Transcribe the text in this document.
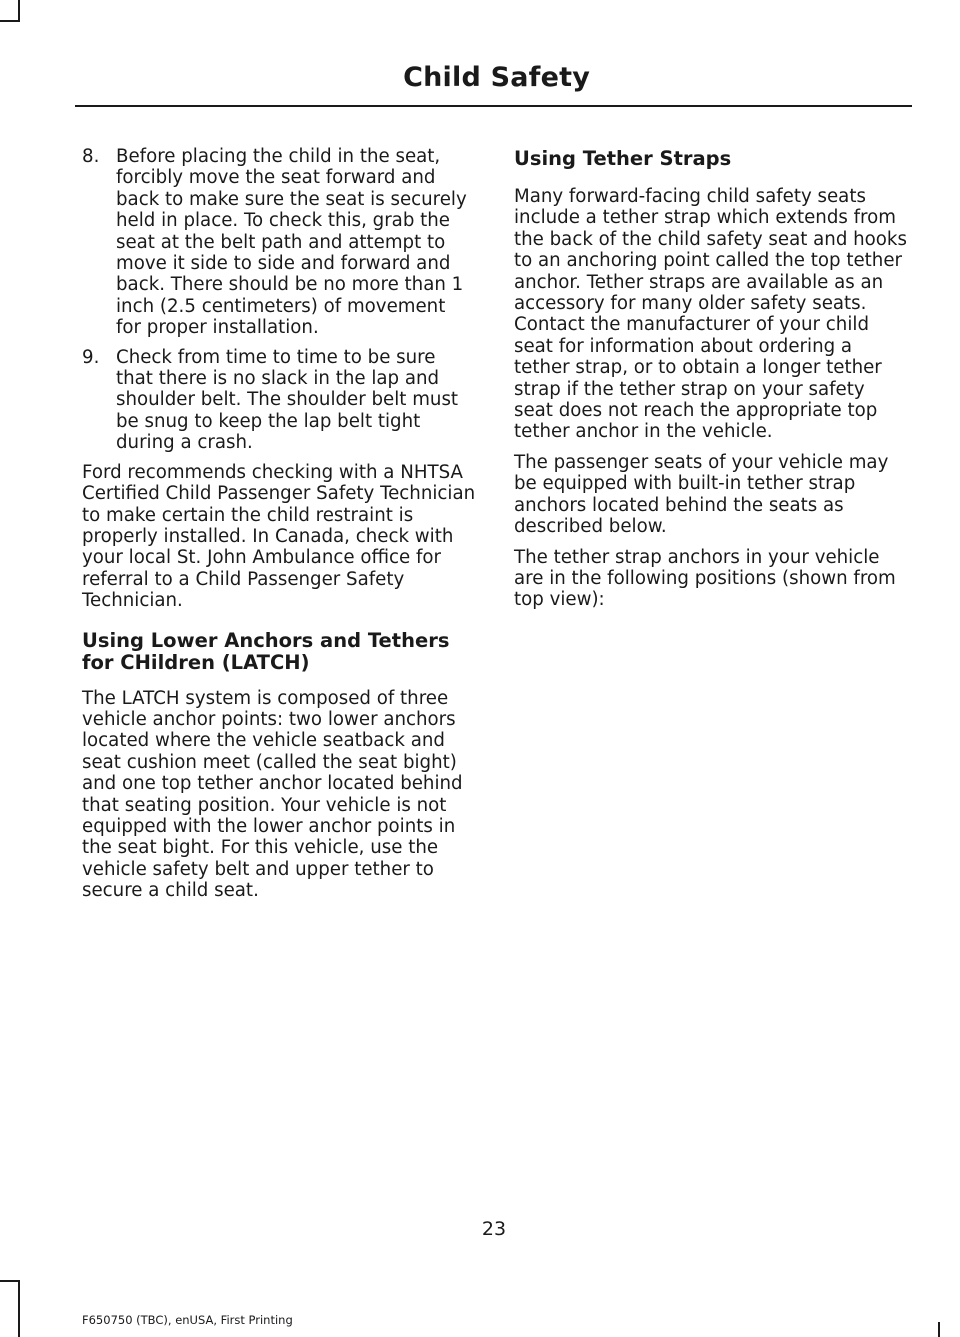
Child Safety
8. Before placing the child in the seat, forcibly move the seat forward and back to make sure the seat is securely held in place. To check this, grab the seat at the belt path and attempt to move it side to side and forward and back. There should be no more than 1 inch (2.5 centimeters) of movement for proper installation.
9. Check from time to time to be sure that there is no slack in the lap and shoulder belt. The shoulder belt must be snug to keep the lap belt tight during a crash.

Ford recommends checking with a NHTSA Certified Child Passenger Safety Technician to make certain the child restraint is properly installed. In Canada, check with your local St. John Ambulance office for referral to a Child Passenger Safety Technician.

Using Lower Anchors and Tethers for CHildren (LATCH)

The LATCH system is composed of three vehicle anchor points: two lower anchors located where the vehicle seatback and seat cushion meet (called the seat bight) and one top tether anchor located behind that seating position. Your vehicle is not equipped with the lower anchor points in the seat bight. For this vehicle, use the vehicle safety belt and upper tether to secure a child seat.

Using Tether Straps

Many forward-facing child safety seats include a tether strap which extends from the back of the child safety seat and hooks to an anchoring point called the top tether anchor. Tether straps are available as an accessory for many older safety seats. Contact the manufacturer of your child seat for information about ordering a tether strap, or to obtain a longer tether strap if the tether strap on your safety seat does not reach the appropriate top tether anchor in the vehicle.

The passenger seats of your vehicle may be equipped with built-in tether strap anchors located behind the seats as described below.

The tether strap anchors in your vehicle are in the following positions (shown from top view):

23
F650750 (TBC), enUSA, First Printing
